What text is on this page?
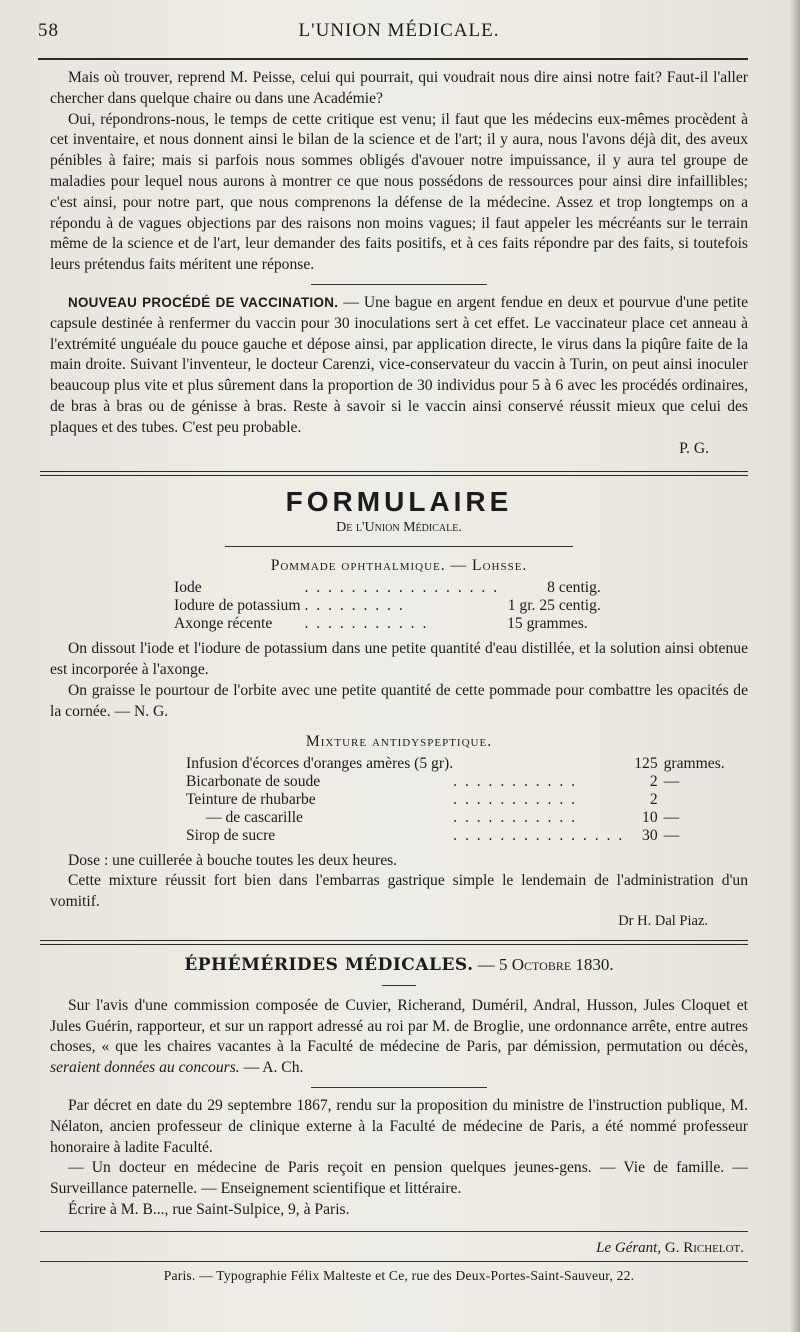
58	L'UNION MÉDICALE.

Mais où trouver, reprend M. Peisse, celui qui pourrait, qui voudrait nous dire ainsi notre fait? Faut-il l'aller chercher dans quelque chaire ou dans une Académie?

Oui, répondrons-nous, le temps de cette critique est venu; il faut que les médecins eux-mêmes procèdent à cet inventaire, et nous donnent ainsi le bilan de la science et de l'art; il y aura, nous l'avons déjà dit, des aveux pénibles à faire; mais si parfois nous sommes obligés d'avouer notre impuissance, il y aura tel groupe de maladies pour lequel nous aurons à montrer ce que nous possédons de ressources pour ainsi dire infaillibles; c'est ainsi, pour notre part, que nous comprenons la défense de la médecine. Assez et trop longtemps on a répondu à de vagues objections par des raisons non moins vagues; il faut appeler les mécréants sur le terrain même de la science et de l'art, leur demander des faits positifs, et à ces faits répondre par des faits, si toutefois leurs prétendus faits méritent une réponse.

NOUVEAU PROCÉDÉ DE VACCINATION. — Une bague en argent fendue en deux et pourvue d'une petite capsule destinée à renfermer du vaccin pour 30 inoculations sert à cet effet. Le vaccinateur place cet anneau à l'extrémité unguéale du pouce gauche et dépose ainsi, par application directe, le virus dans la piqûre faite de la main droite. Suivant l'inventeur, le docteur Carenzi, vice-conservateur du vaccin à Turin, on peut ainsi inoculer beaucoup plus vite et plus sûrement dans la proportion de 30 individus pour 5 à 6 avec les procédés ordinaires, de bras à bras ou de génisse à bras. Reste à savoir si le vaccin ainsi conservé réussit mieux que celui des plaques et des tubes. C'est peu probable.

P. G.

FORMULAIRE
De l'Union Médicale.
Pommade ophthalmique. — Lohsse.
Iode	. . . . . . . . . . . . . . . . .	8 centig.
Iodure de potassium	. . . . . . . . .	1 gr. 25 centig.
Axonge récente	. . . . . . . . . . .	15 grammes.

On dissout l'iode et l'iodure de potassium dans une petite quantité d'eau distillée, et la solution ainsi obtenue est incorporée à l'axonge.

On graisse le pourtour de l'orbite avec une petite quantité de cette pommade pour combattre les opacités de la cornée. — N. G.

Mixture antidyspeptique.
Infusion d'écorces d'oranges amères (5 gr).		125	grammes.
Bicarbonate de soude	. . . . . . . . . . .	2	—
Teinture de rhubarbe	. . . . . . . . . . .	2	
— de cascarille	. . . . . . . . . . .	10	—
Sirop de sucre	. . . . . . . . . . . . . . .	30	—

Dose : une cuillerée à bouche toutes les deux heures.

Cette mixture réussit fort bien dans l'embarras gastrique simple le lendemain de l'administration d'un vomitif.

Dr H. Dal Piaz.

ÉPHÉMÉRIDES MÉDICALES. — 5 Octobre 1830.

Sur l'avis d'une commission composée de Cuvier, Richerand, Duméril, Andral, Husson, Jules Cloquet et Jules Guérin, rapporteur, et sur un rapport adressé au roi par M. de Broglie, une ordonnance arrête, entre autres choses, « que les chaires vacantes à la Faculté de médecine de Paris, par démission, permutation ou décès, seraient données au concours. — A. Ch.

Par décret en date du 29 septembre 1867, rendu sur la proposition du ministre de l'instruction publique, M. Nélaton, ancien professeur de clinique externe à la Faculté de médecine de Paris, a été nommé professeur honoraire à ladite Faculté.

— Un docteur en médecine de Paris reçoit en pension quelques jeunes-gens. — Vie de famille. — Surveillance paternelle. — Enseignement scientifique et littéraire.

Écrire à M. B..., rue Saint-Sulpice, 9, à Paris.

Le Gérant, G. Richelot.
Paris. — Typographie Félix Malteste et Ce, rue des Deux-Portes-Saint-Sauveur, 22.
